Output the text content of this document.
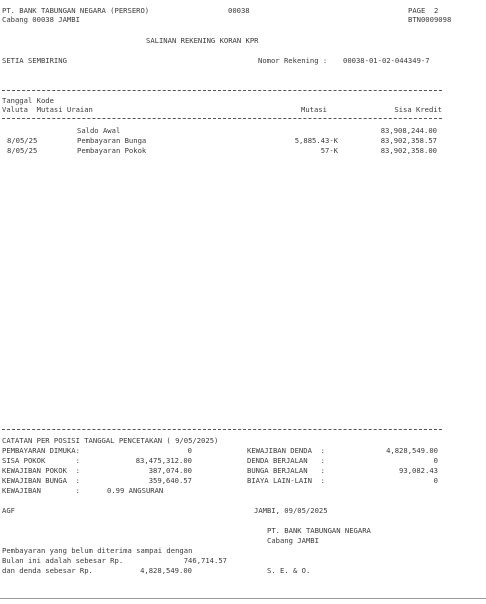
PT. BANK TABUNGAN NEGARA (PERSERO)	00038	PAGE 2
Cabang 00038 JAMBI	BTN0009098
SALINAN REKENING KORAN KPR
SETIA SEMBIRING	Nomor Rekening : 00038-01-02-044349-7
Tanggal Kode
Valuta Mutasi Uraian	Mutasi	Sisa Kredit
Saldo Awal	83,908,244.00
8/05/25	Pembayaran Bunga	5,885.43-K	83,902,358.57
8/05/25	Pembayaran Pokok	57-K	83,902,358.00
CATATAN PER POSISI TANGGAL PENCETAKAN ( 9/05/2025)
PEMBAYARAN DIMUKA:	0
SISA POKOK       :	83,475,312.00
KEWAJIBAN POKOK  :	387,074.00
KEWAJIBAN BUNGA  :	359,640.57
KEWAJIBAN        :	0.99 ANGSURAN
KEWAJIBAN DENDA  :	4,828,549.00
DENDA BERJALAN   :	0
BUNGA BERJALAN   :	93,082.43
BIAYA LAIN-LAIN  :	0
AGF	JAMBI, 09/05/2025
PT. BANK TABUNGAN NEGARA
Cabang JAMBI
Pembayaran yang belum diterima sampai dengan
Bulan ini adalah sebesar Rp.	746,714.57
dan denda sebesar Rp.	4,828,549.00	S. E. & O.
